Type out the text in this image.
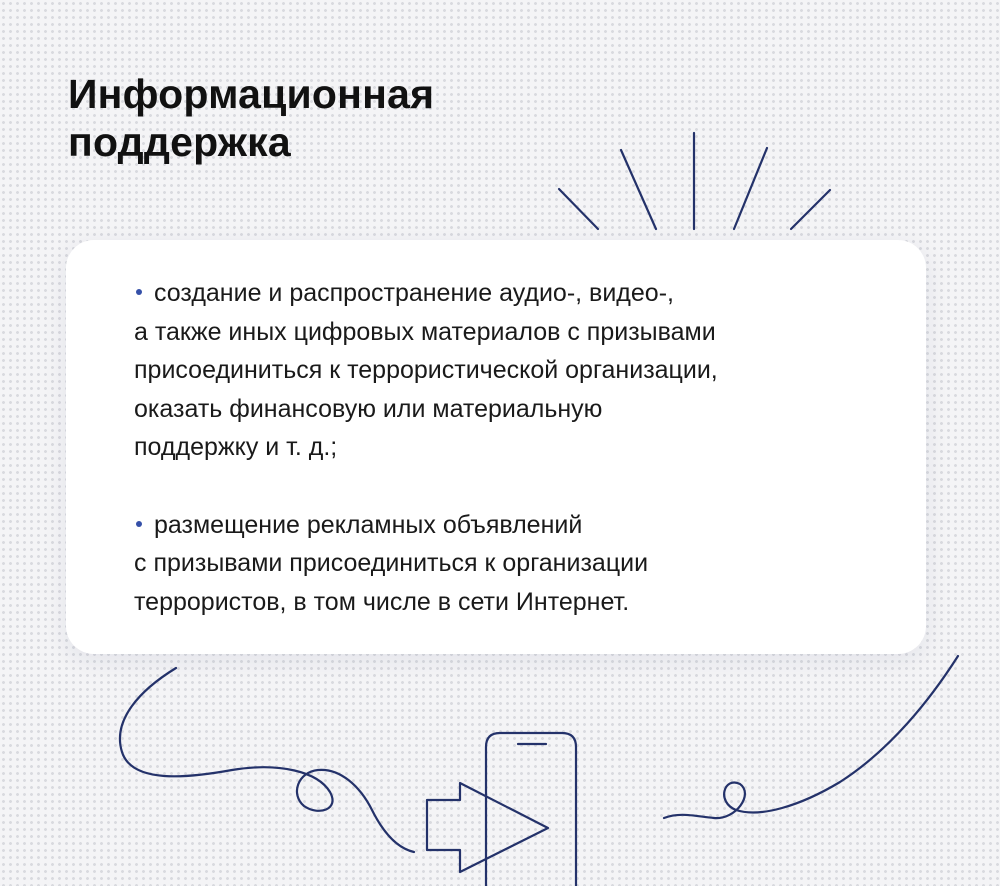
Информационная
поддержка

создание и распространение аудио-, видео-,

а также иных цифровых материалов с призывами

присоединиться к террористической организации,

оказать финансовую или материальную

поддержку и т. д.;

размещение рекламных объявлений

с призывами присоединиться к организации

террористов, в том числе в сети Интернет.
